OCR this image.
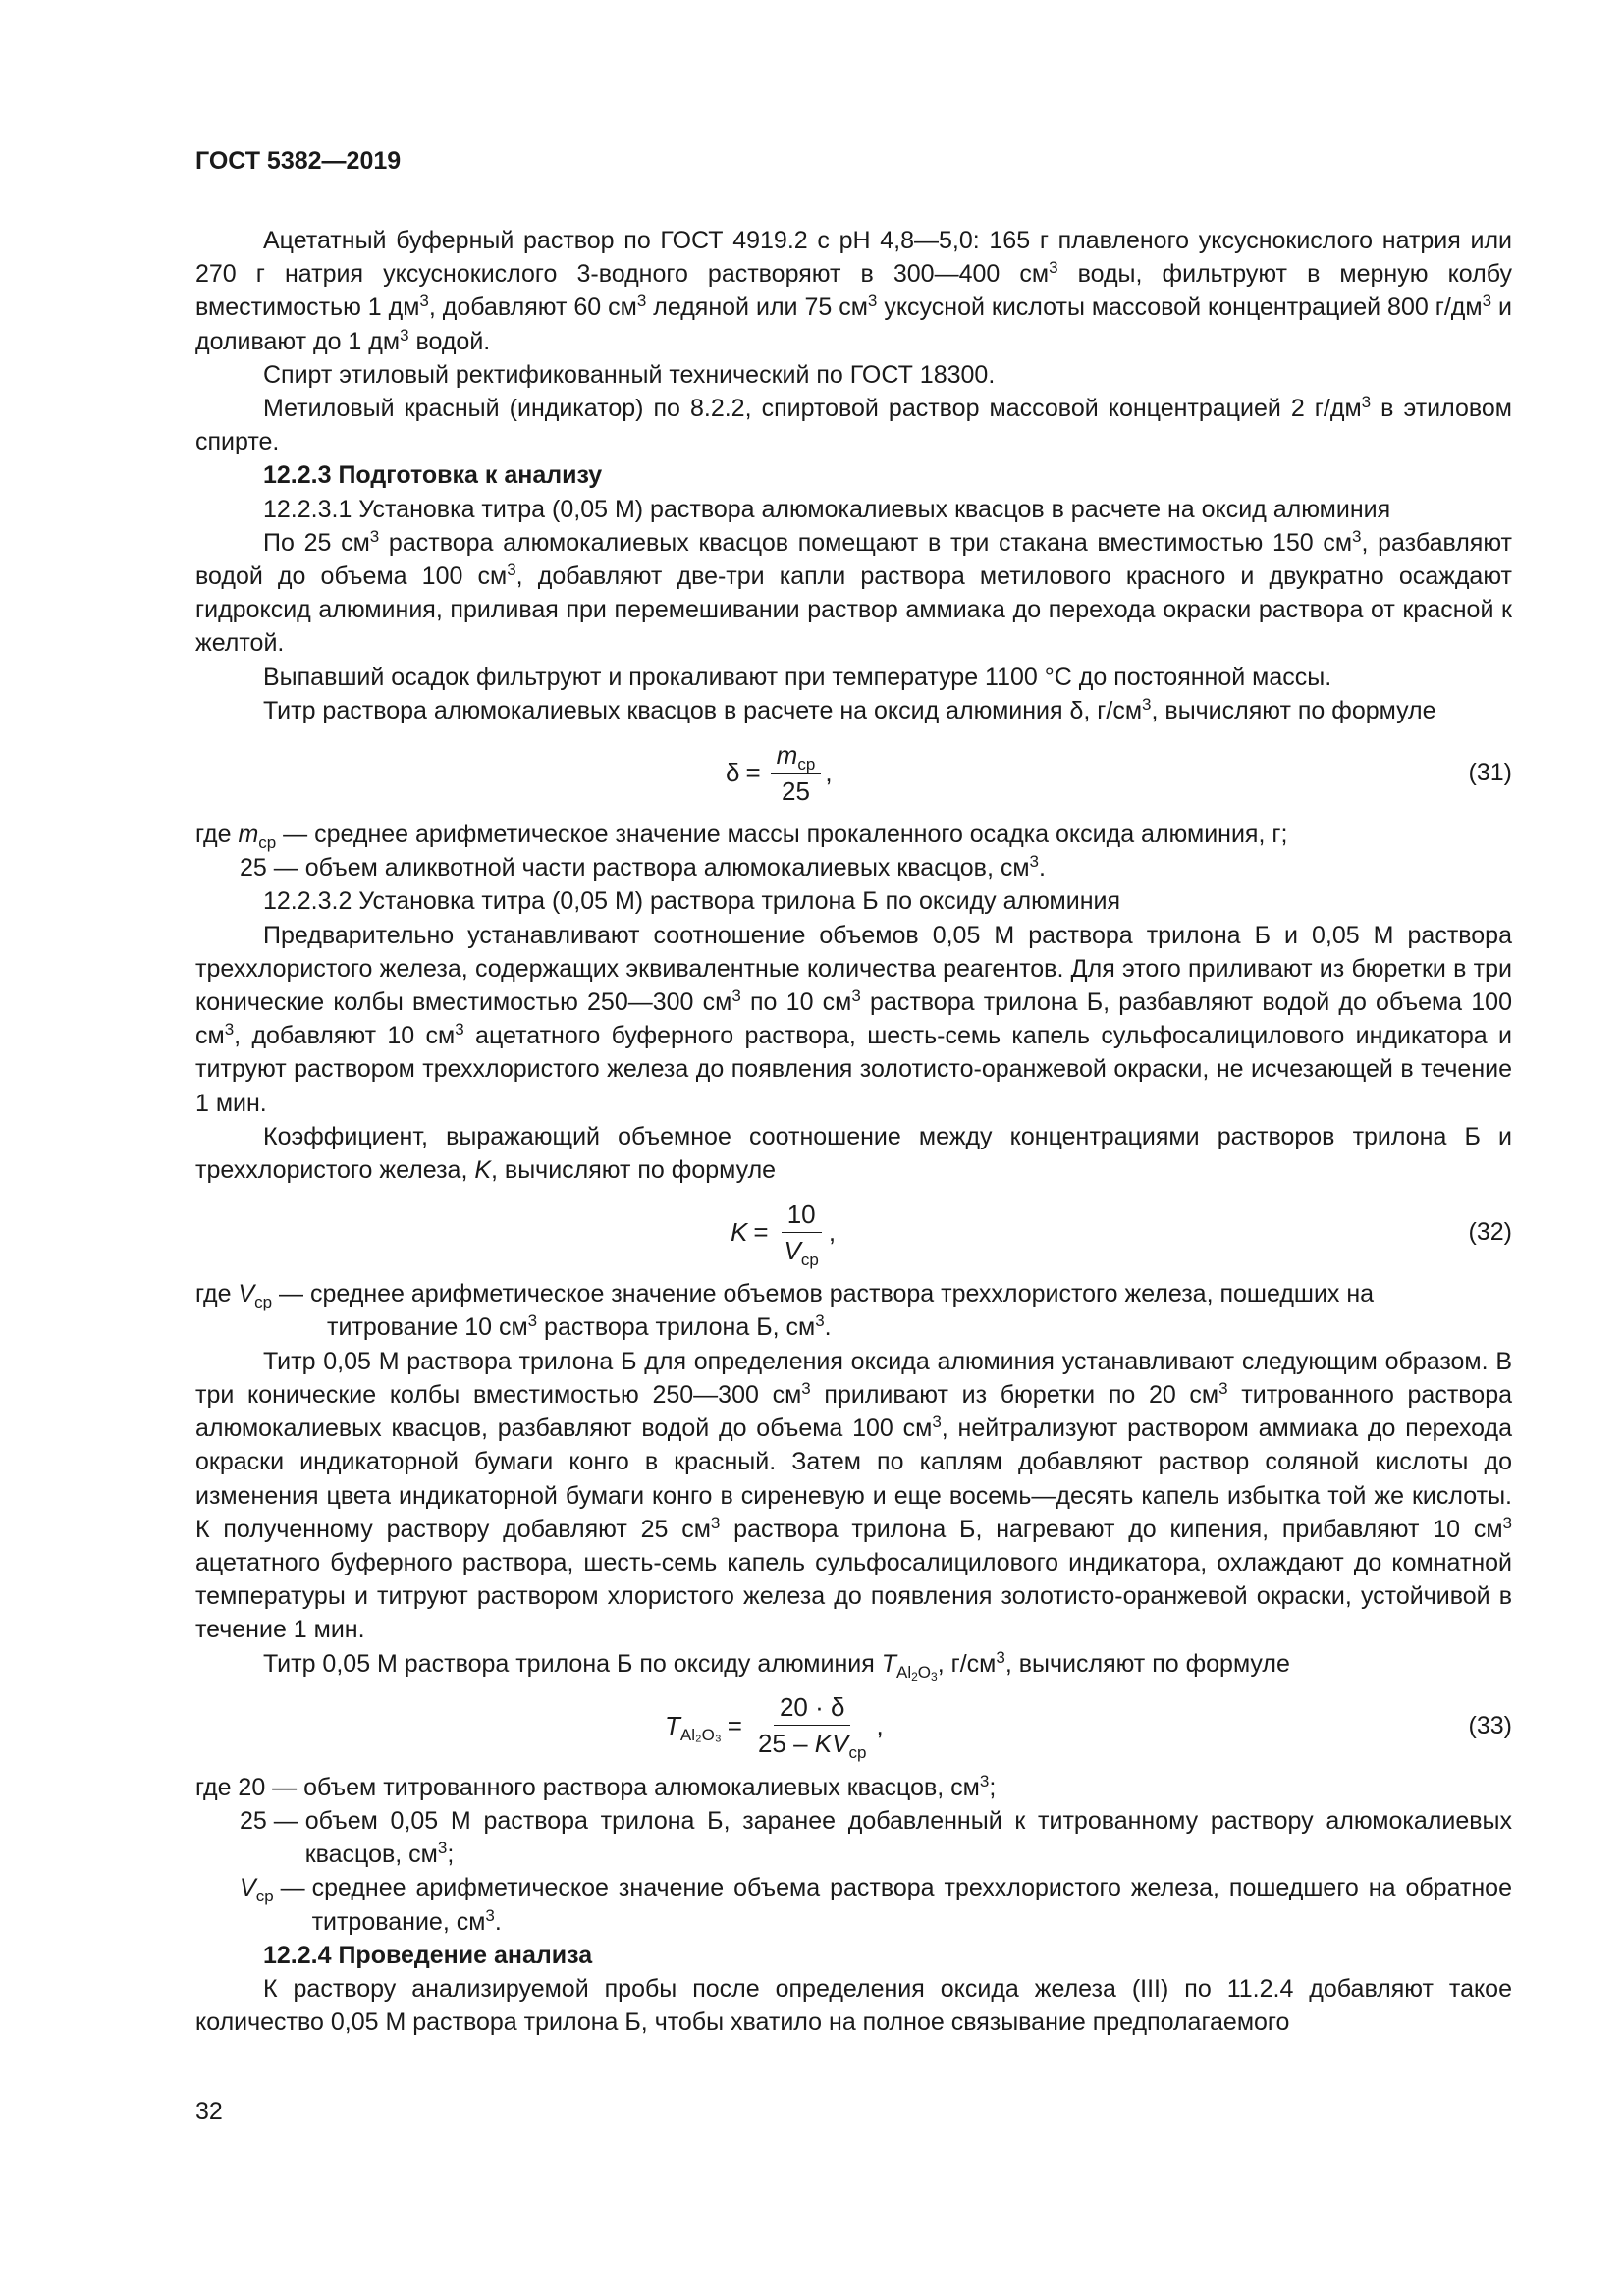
ГОСТ 5382—2019

Ацетатный буферный раствор по ГОСТ 4919.2 с pH 4,8—5,0: 165 г плавленого уксуснокислого натрия или 270 г натрия уксуснокислого 3-водного растворяют в 300—400 $см^3$ воды, фильтруют в мерную колбу вместимостью 1 $дм^3$, добавляют 60 $см^3$ ледяной или 75 $см^3$ уксусной кислоты массовой концентрацией 800 $г/дм^3$ и доливают до 1 $дм^3$ водой.

Спирт этиловый ректификованный технический по ГОСТ 18300.

Метиловый красный (индикатор) по 8.2.2, спиртовой раствор массовой концентрацией 2 $г/дм^3$ в этиловом спирте.

12.2.3 Подготовка к анализу

12.2.3.1 Установка титра (0,05 М) раствора алюмокалиевых квасцов в расчете на оксид алюминия

По 25 $см^3$ раствора алюмокалиевых квасцов помещают в три стакана вместимостью 150 $см^3$, разбавляют водой до объема 100 $см^3$, добавляют две-три капли раствора метилового красного и двукратно осаждают гидроксид алюминия, приливая при перемешивании раствор аммиака до перехода окраски раствора от красной к желтой.

Выпавший осадок фильтруют и прокаливают при температуре 1100 °С до постоянной массы.

Титр раствора алюмокалиевых квасцов в расчете на оксид алюминия δ, $г/см^3$, вычисляют по формуле

$\delta = \frac{m_{ср}}{25}$ ,	(31)

где $m_{ср}$ — среднее арифметическое значение массы прокаленного осадка оксида алюминия, г;

25 — объем аликвотной части раствора алюмокалиевых квасцов, $см^3$.

12.2.3.2 Установка титра (0,05 М) раствора трилона Б по оксиду алюминия

Предварительно устанавливают соотношение объемов 0,05 М раствора трилона Б и 0,05 М раствора треххлористого железа, содержащих эквивалентные количества реагентов. Для этого приливают из бюретки в три конические колбы вместимостью 250—300 $см^3$ по 10 $см^3$ раствора трилона Б, разбавляют водой до объема 100 $см^3$, добавляют 10 $см^3$ ацетатного буферного раствора, шесть-семь капель сульфосалицилового индикатора и титруют раствором треххлористого железа до появления золотисто-оранжевой окраски, не исчезающей в течение 1 мин.

Коэффициент, выражающий объемное соотношение между концентрациями растворов трилона Б и треххлористого железа, K, вычисляют по формуле

$K = \frac{10}{V_{ср}}$ ,	(32)

где $V_{ср}$ — среднее арифметическое значение объемов раствора треххлористого железа, пошедших на

титрование 10 $см^3$ раствора трилона Б, $см^3$.

Титр 0,05 М раствора трилона Б для определения оксида алюминия устанавливают следующим образом. В три конические колбы вместимостью 250—300 $см^3$ приливают из бюретки по 20 $см^3$ титрованного раствора алюмокалиевых квасцов, разбавляют водой до объема 100 $см^3$, нейтрализуют раствором аммиака до перехода окраски индикаторной бумаги конго в красный. Затем по каплям добавляют раствор соляной кислоты до изменения цвета индикаторной бумаги конго в сиреневую и еще восемь—десять капель избытка той же кислоты. К полученному раствору добавляют 25 $см^3$ раствора трилона Б, нагревают до кипения, прибавляют 10 $см^3$ ацетатного буферного раствора, шесть-семь капель сульфосалицилового индикатора, охлаждают до комнатной температуры и титруют раствором хлористого железа до появления золотисто-оранжевой окраски, устойчивой в течение 1 мин.

Титр 0,05 М раствора трилона Б по оксиду алюминия $T_{Al2O3}$, $г/см^3$, вычисляют по формуле

$T_{Al_2O_3} = \frac{20 \cdot \delta}{25 - KV_{ср}}$ ,	(33)
где 20 — объем титрованного раствора алюмокалиевых квасцов, $см^3$;
25 — объем 0,05 М раствора трилона Б, заранее добавленный к титрованному раствору алюмокалиевых квасцов, $см^3$;
$V_{ср}$ — среднее арифметическое значение объема раствора треххлористого железа, пошедшего на обратное титрование, $см^3$.

12.2.4 Проведение анализа

К раствору анализируемой пробы после определения оксида железа (III) по 11.2.4 добавляют такое количество 0,05 М раствора трилона Б, чтобы хватило на полное связывание предполагаемого

32
